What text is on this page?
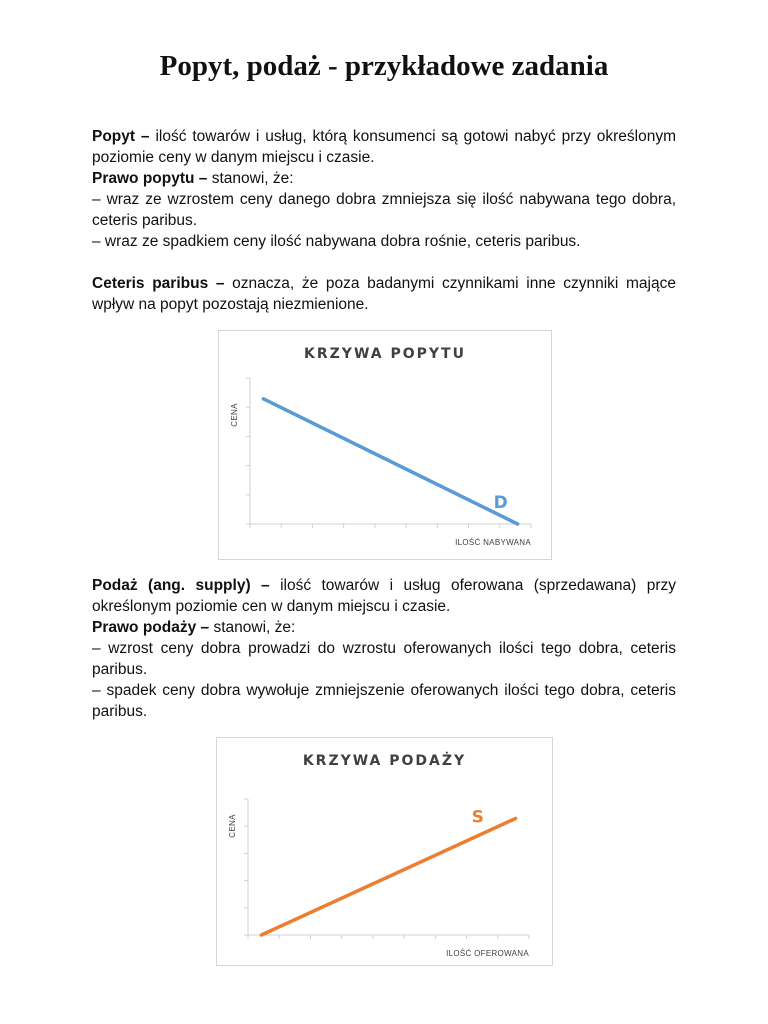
Popyt, podaż - przykładowe zadania

Popyt – ilość towarów i usług, którą konsumenci są gotowi nabyć przy określonym poziomie ceny w danym miejscu i czasie.

Prawo popytu – stanowi, że:

– wraz ze wzrostem ceny danego dobra zmniejsza się ilość nabywana tego dobra, ceteris paribus.

– wraz ze spadkiem ceny ilość nabywana dobra rośnie, ceteris paribus.

Ceteris paribus – oznacza, że poza badanymi czynnikami inne czynniki mające wpływ na popyt pozostają niezmienione.

KRZYWA POPYTU
ILOŚĆ NABYWANA
CENA
D

Podaż (ang. supply) – ilość towarów i usług oferowana (sprzedawana) przy określonym poziomie cen w danym miejscu i czasie.

Prawo podaży – stanowi, że:

– wzrost ceny dobra prowadzi do wzrostu oferowanych ilości tego dobra, ceteris paribus.

– spadek ceny dobra wywołuje zmniejszenie oferowanych ilości tego dobra, ceteris paribus.

KRZYWA PODAŻY
ILOŚĆ OFEROWANA
CENA	S
